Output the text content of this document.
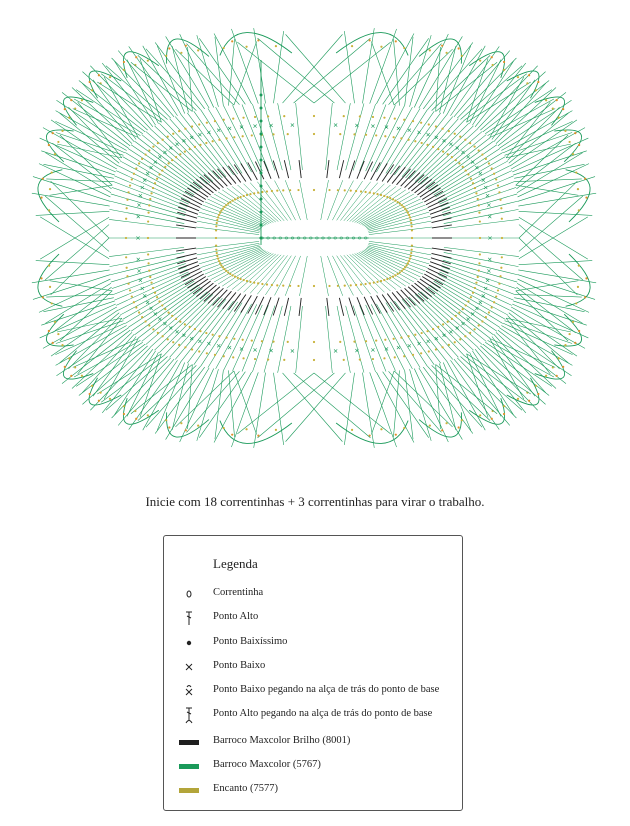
Inicie com 18 correntinhas + 3 correntinhas para virar o trabalho.
Legenda
Correntinha
Ponto Alto
Ponto Baixíssimo
Ponto Baixo
Ponto Baixo pegando na alça de trás do ponto de base
Ponto Alto pegando na alça de trás do ponto de base
Barroco Maxcolor Brilho (8001)
Barroco Maxcolor (5767)
Encanto (7577)
